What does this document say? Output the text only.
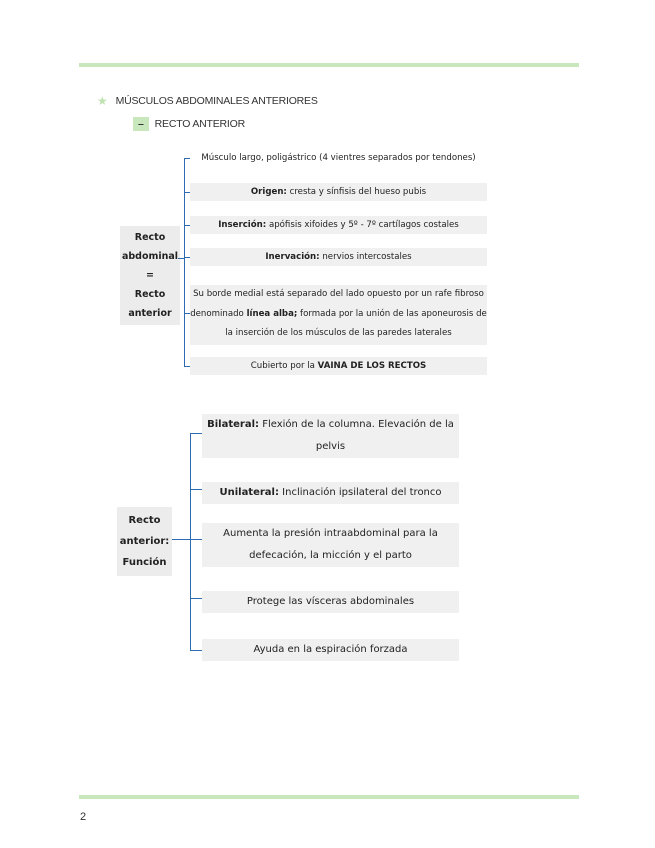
★ MÚSCULOS ABDOMINALES ANTERIORES
–	RECTO ANTERIOR
Recto
abdominal =
Recto
anterior
Músculo largo, poligástrico (4 vientres separados por tendones)
Origen: cresta y sínfisis del hueso pubis
Inserción: apófisis xifoides y 5º - 7º cartílagos costales
Inervación: nervios intercostales
Su borde medial está separado del lado opuesto por un rafe fibroso
denominado línea alba; formada por la unión de las aponeurosis de
la inserción de los músculos de las paredes laterales
Cubierto por la VAINA DE LOS RECTOS
Recto
anterior:
Función
Bilateral: Flexión de la columna. Elevación de la
pelvis
Unilateral: Inclinación ipsilateral del tronco
Aumenta la presión intraabdominal para la
defecación, la micción y el parto
Protege las vísceras abdominales
Ayuda en la espiración forzada
2
